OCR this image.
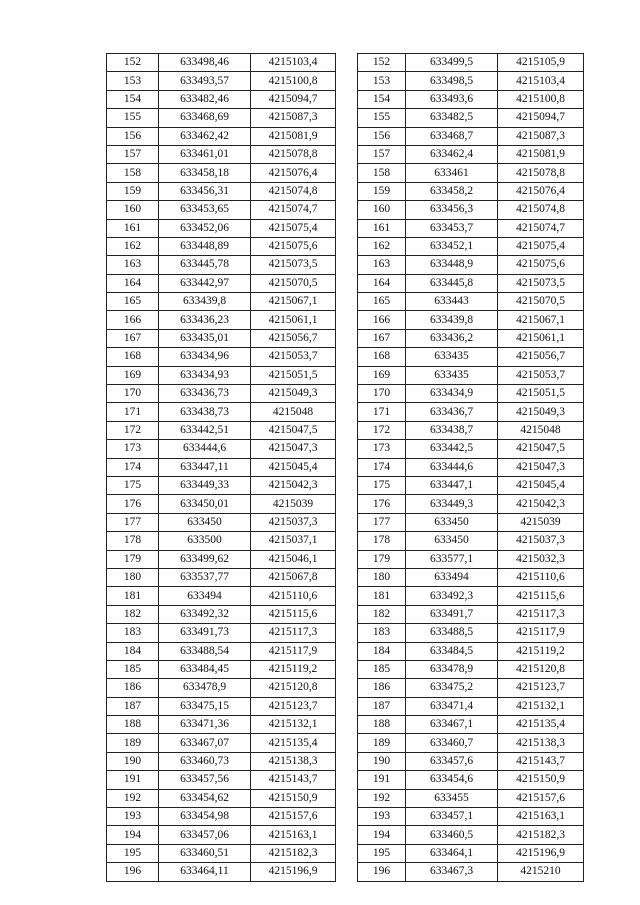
152	633498,46	4215103,4
153	633493,57	4215100,8
154	633482,46	4215094,7
155	633468,69	4215087,3
156	633462,42	4215081,9
157	633461,01	4215078,8
158	633458,18	4215076,4
159	633456,31	4215074,8
160	633453,65	4215074,7
161	633452,06	4215075,4
162	633448,89	4215075,6
163	633445,78	4215073,5
164	633442,97	4215070,5
165	633439,8	4215067,1
166	633436,23	4215061,1
167	633435,01	4215056,7
168	633434,96	4215053,7
169	633434,93	4215051,5
170	633436,73	4215049,3
171	633438,73	4215048
172	633442,51	4215047,5
173	633444,6	4215047,3
174	633447,11	4215045,4
175	633449,33	4215042,3
176	633450,01	4215039
177	633450	4215037,3
178	633500	4215037,1
179	633499,62	4215046,1
180	633537,77	4215067,8
181	633494	4215110,6
182	633492,32	4215115,6
183	633491,73	4215117,3
184	633488,54	4215117,9
185	633484,45	4215119,2
186	633478,9	4215120,8
187	633475,15	4215123,7
188	633471,36	4215132,1
189	633467,07	4215135,4
190	633460,73	4215138,3
191	633457,56	4215143,7
192	633454,62	4215150,9
193	633454,98	4215157,6
194	633457,06	4215163,1
195	633460,51	4215182,3
196	633464,11	4215196,9
152	633499,5	4215105,9
153	633498,5	4215103,4
154	633493,6	4215100,8
155	633482,5	4215094,7
156	633468,7	4215087,3
157	633462,4	4215081,9
158	633461	4215078,8
159	633458,2	4215076,4
160	633456,3	4215074,8
161	633453,7	4215074,7
162	633452,1	4215075,4
163	633448,9	4215075,6
164	633445,8	4215073,5
165	633443	4215070,5
166	633439,8	4215067,1
167	633436,2	4215061,1
168	633435	4215056,7
169	633435	4215053,7
170	633434,9	4215051,5
171	633436,7	4215049,3
172	633438,7	4215048
173	633442,5	4215047,5
174	633444,6	4215047,3
175	633447,1	4215045,4
176	633449,3	4215042,3
177	633450	4215039
178	633450	4215037,3
179	633577,1	4215032,3
180	633494	4215110,6
181	633492,3	4215115,6
182	633491,7	4215117,3
183	633488,5	4215117,9
184	633484,5	4215119,2
185	633478,9	4215120,8
186	633475,2	4215123,7
187	633471,4	4215132,1
188	633467,1	4215135,4
189	633460,7	4215138,3
190	633457,6	4215143,7
191	633454,6	4215150,9
192	633455	4215157,6
193	633457,1	4215163,1
194	633460,5	4215182,3
195	633464,1	4215196,9
196	633467,3	4215210
